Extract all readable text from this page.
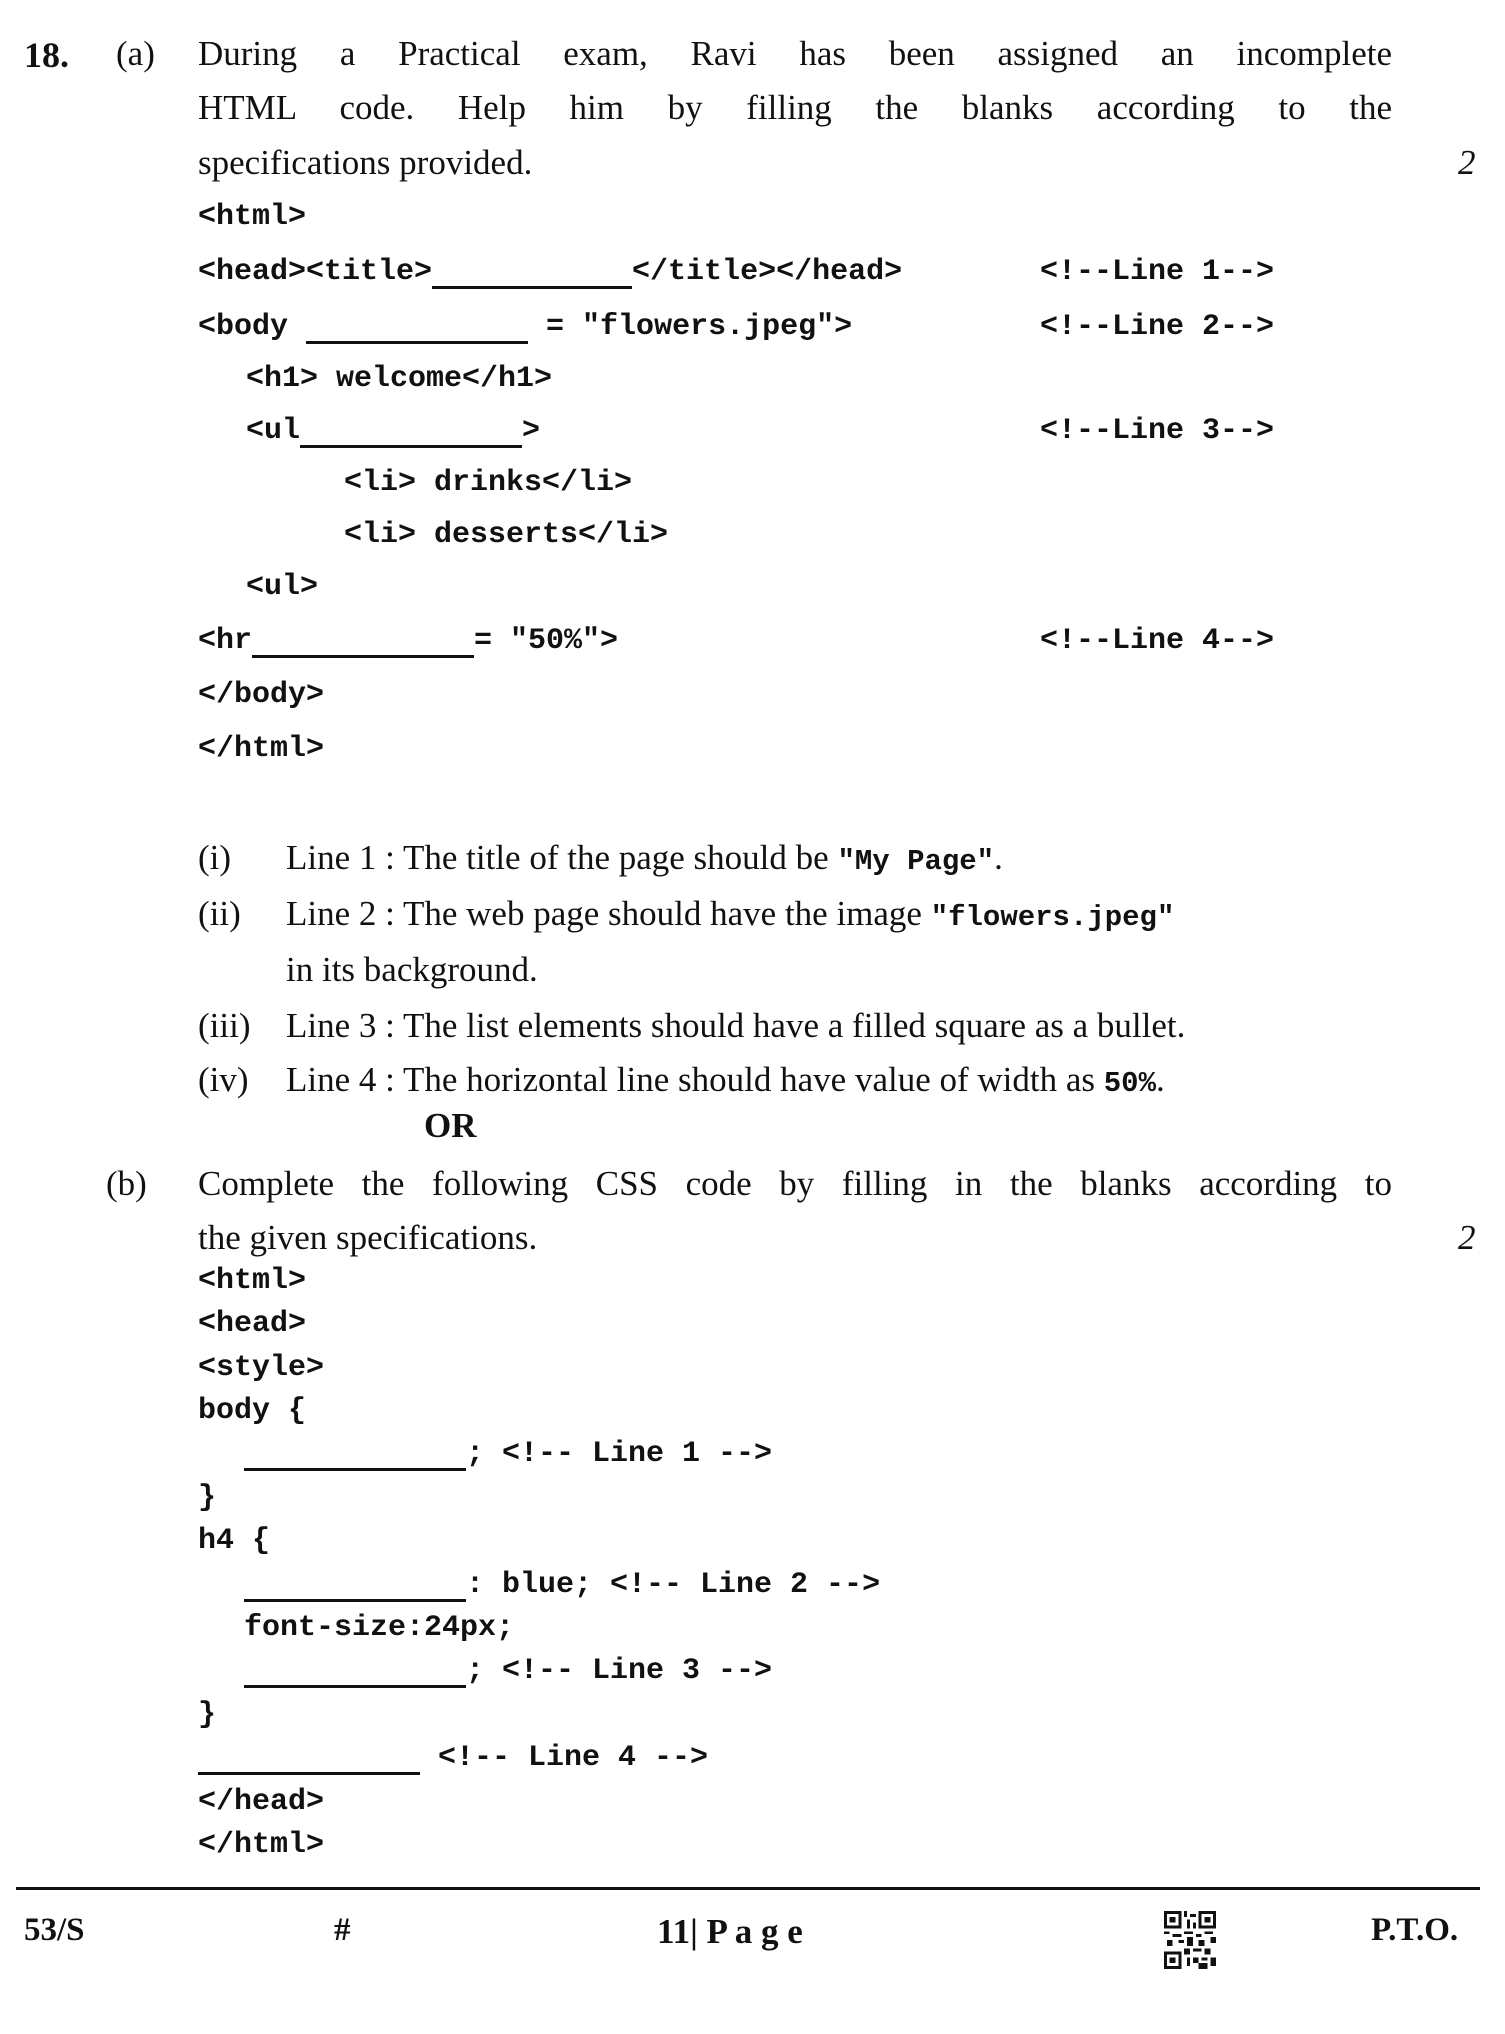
18. (a) During a Practical exam, Ravi has been assigned an incomplete
HTML code. Help him by filling the blanks according to the
specifications provided.	2
<html>
<head><title>	</title></head>	<!--Line 1-->
<body	= "flowers.jpeg">	<!--Line 2-->
<h1> welcome</h1>
<ul	>	<!--Line 3-->
<li> drinks</li>
<li> desserts</li>
<ul>
<hr	= "50%">	<!--Line 4-->
</body>
</html>
(i) Line 1 : The title of the page should be "My Page".
(ii) Line 2 : The web page should have the image "flowers.jpeg"
in its background.
(iii) Line 3 : The list elements should have a filled square as a bullet.
(iv) Line 4 : The horizontal line should have value of width as 50%.
OR
(b) Complete the following CSS code by filling in the blanks according to
the given specifications.	2
<html>
<head>
<style>
body {
; <!-- Line 1 -->
}
h4 {
: blue; <!-- Line 2 -->
font-size:24px;
; <!-- Line 3 -->
}
<!-- Line 4 -->
</head>
</html>
53/S	#	11| P a g e	P.T.O.
